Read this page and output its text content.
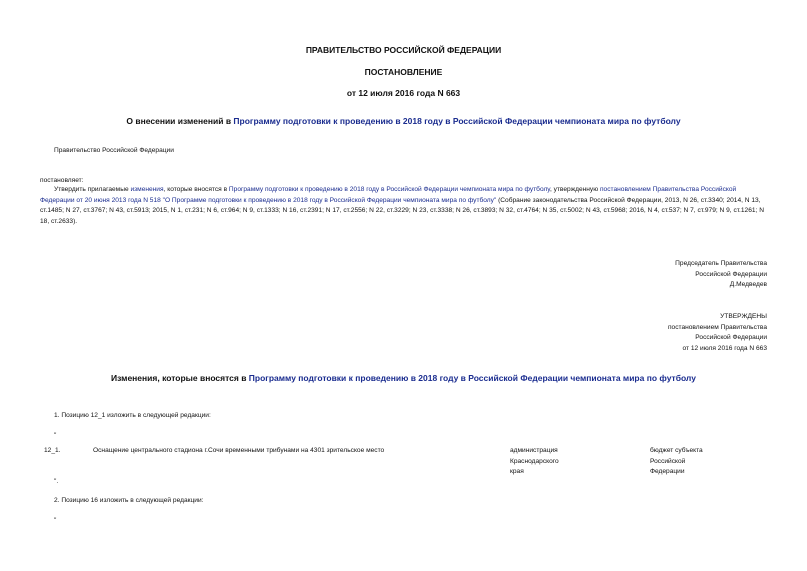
ПРАВИТЕЛЬСТВО РОССИЙСКОЙ ФЕДЕРАЦИИ
ПОСТАНОВЛЕНИЕ
от 12 июля 2016 года N 663
О внесении изменений в Программу подготовки к проведению в 2018 году в Российской Федерации чемпионата мира по футболу
Правительство Российской Федерации
постановляет:

Утвердить прилагаемые изменения, которые вносятся в Программу подготовки к проведению в 2018 году в Российской Федерации чемпионата мира по футболу, утвержденную постановлением Правительства Российской Федерации от 20 июня 2013 года N 518 "О Программе подготовки к проведению в 2018 году в Российской Федерации чемпионата мира по футболу" (Собрание законодательства Российской Федерации, 2013, N 26, ст.3340; 2014, N 13, ст.1485; N 27, ст.3767; N 43, ст.5913; 2015, N 1, ст.231; N 6, ст.964; N 9, ст.1333; N 16, ст.2391; N 17, ст.2556; N 22, ст.3229; N 23, ст.3338; N 26, ст.3893; N 32, ст.4764; N 35, ст.5002; N 43, ст.5968; 2016, N 4, ст.537; N 7, ст.979; N 9, ст.1261; N 18, ст.2633).

Председатель Правительства
Российской Федерации
Д.Медведев
УТВЕРЖДЕНЫ
постановлением Правительства
Российской Федерации
от 12 июля 2016 года N 663
Изменения, которые вносятся в Программу подготовки к проведению в 2018 году в Российской Федерации чемпионата мира по футболу
1. Позицию 12_1 изложить в следующей редакции:
"
12_1.	Оснащение центрального стадиона г.Сочи временными трибунами на 4301 зрительское место	администрация
Краснодарского
края
бюджет субъекта
Российской
Федерации
".
2. Позицию 16 изложить в следующей редакции:
"
